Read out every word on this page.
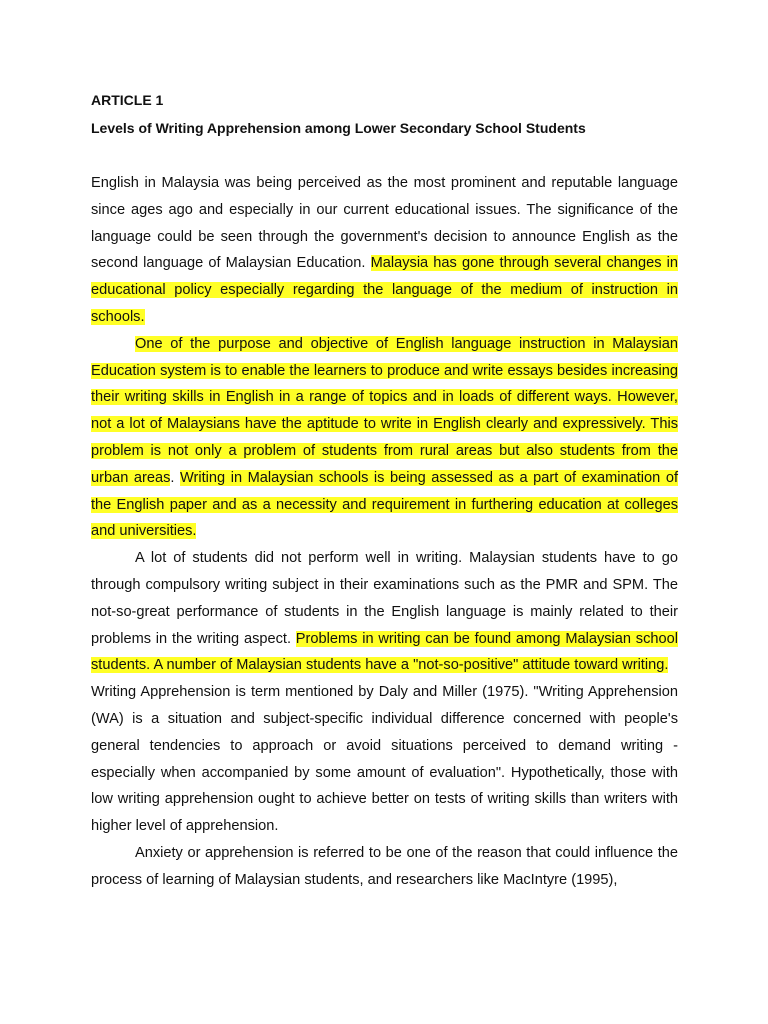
ARTICLE 1

Levels of Writing Apprehension among Lower Secondary School Students

English in Malaysia was being perceived as the most prominent and reputable language since ages ago and especially in our current educational issues. The significance of the language could be seen through the government's decision to announce English as the second language of Malaysian Education. Malaysia has gone through several changes in educational policy especially regarding the language of the medium of instruction in schools.

One of the purpose and objective of English language instruction in Malaysian Education system is to enable the learners to produce and write essays besides increasing their writing skills in English in a range of topics and in loads of different ways. However, not a lot of Malaysians have the aptitude to write in English clearly and expressively. This problem is not only a problem of students from rural areas but also students from the urban areas. Writing in Malaysian schools is being assessed as a part of examination of the English paper and as a necessity and requirement in furthering education at colleges and universities.

A lot of students did not perform well in writing. Malaysian students have to go through compulsory writing subject in their examinations such as the PMR and SPM. The not-so-great performance of students in the English language is mainly related to their problems in the writing aspect. Problems in writing can be found among Malaysian school students. A number of Malaysian students have a "not-so-positive" attitude toward writing.

Writing Apprehension is term mentioned by Daly and Miller (1975). "Writing Apprehension (WA) is a situation and subject-specific individual difference concerned with people's general tendencies to approach or avoid situations perceived to demand writing - especially when accompanied by some amount of evaluation". Hypothetically, those with low writing apprehension ought to achieve better on tests of writing skills than writers with higher level of apprehension.

Anxiety or apprehension is referred to be one of the reason that could influence the process of learning of Malaysian students, and researchers like MacIntyre (1995),
